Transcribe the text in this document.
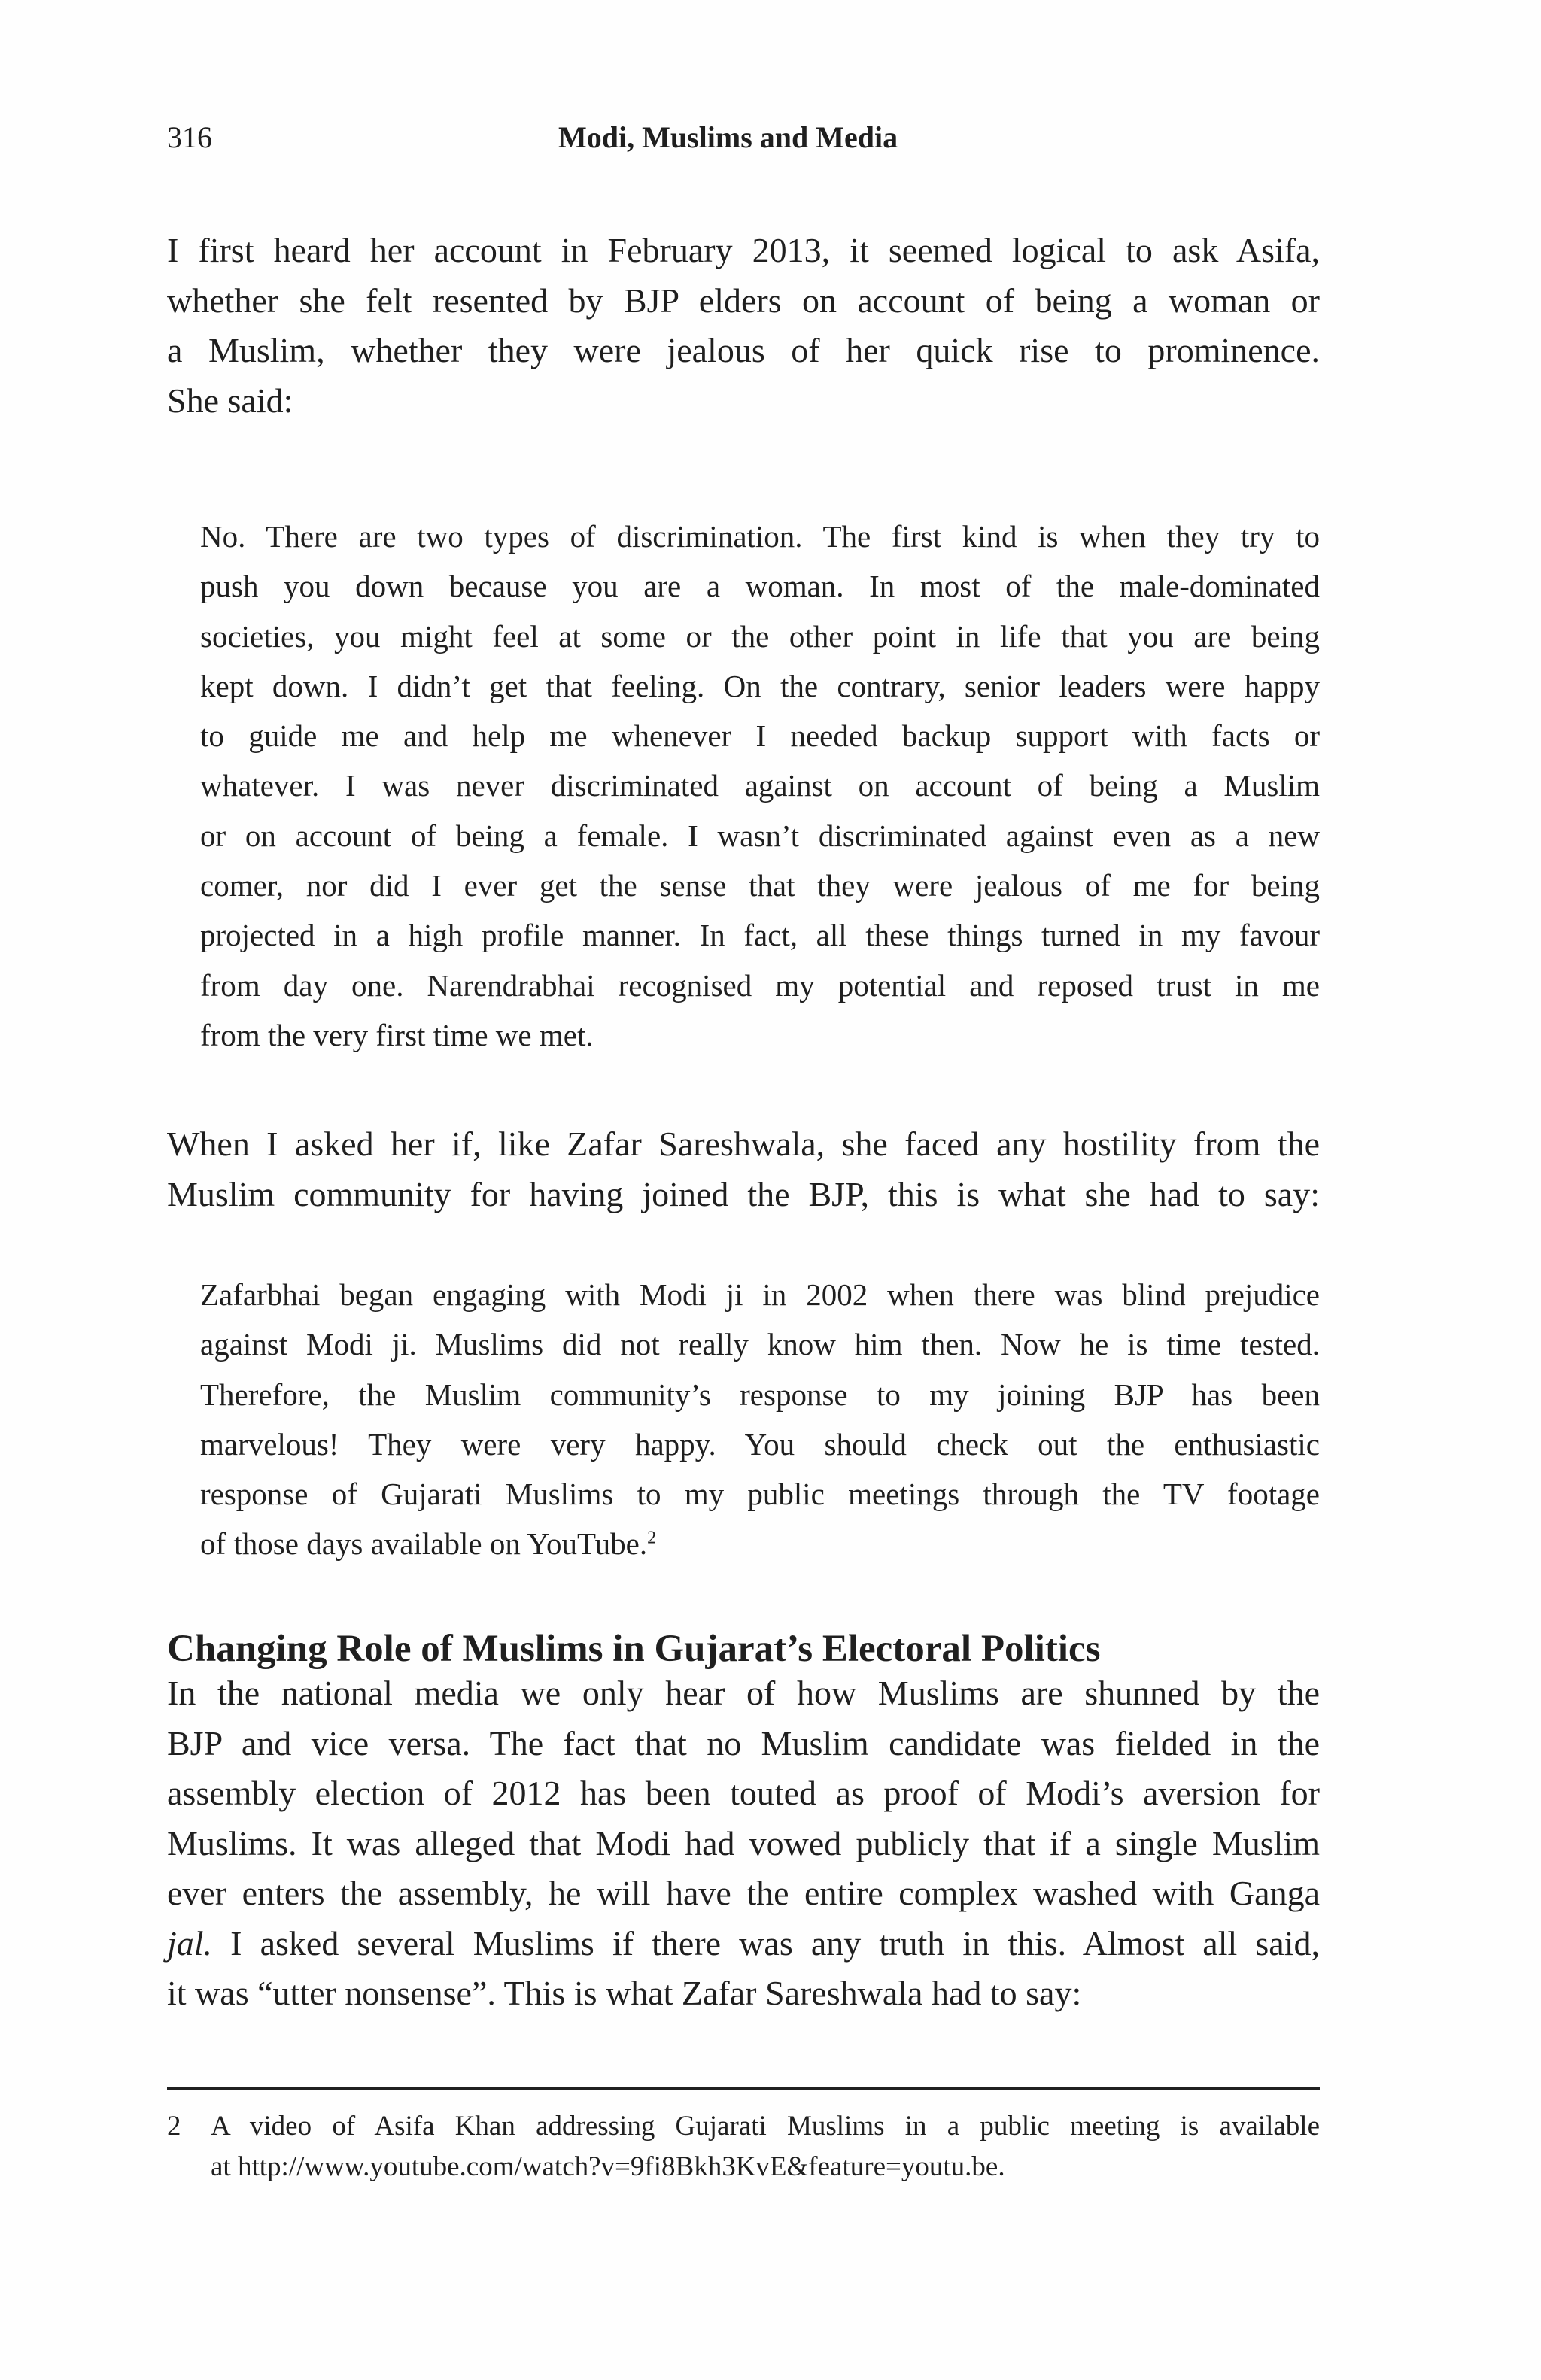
316	Modi, Muslims and Media

I first heard her account in February 2013, it seemed logical to ask Asifa,
whether she felt resented by BJP elders on account of being a woman or
a Muslim, whether they were jealous of her quick rise to prominence.
She said:

No. There are two types of discrimination. The first kind is when they try to
push you down because you are a woman. In most of the male-dominated
societies, you might feel at some or the other point in life that you are being
kept down. I didn’t get that feeling. On the contrary, senior leaders were happy
to guide me and help me whenever I needed backup support with facts or
whatever. I was never discriminated against on account of being a Muslim
or on account of being a female. I wasn’t discriminated against even as a new
comer, nor did I ever get the sense that they were jealous of me for being
projected in a high profile manner. In fact, all these things turned in my favour
from day one. Narendrabhai recognised my potential and reposed trust in me
from the very first time we met.

When I asked her if, like Zafar Sareshwala, she faced any hostility from the
Muslim community for having joined the BJP, this is what she had to say:

Zafarbhai began engaging with Modi ji in 2002 when there was blind prejudice
against Modi ji. Muslims did not really know him then. Now he is time tested.
Therefore, the Muslim community’s response to my joining BJP has been
marvelous! They were very happy. You should check out the enthusiastic
response of Gujarati Muslims to my public meetings through the TV footage
of those days available on YouTube.$^2$
Changing Role of Muslims in Gujarat’s Electoral Politics

In the national media we only hear of how Muslims are shunned by the
BJP and vice versa. The fact that no Muslim candidate was fielded in the
assembly election of 2012 has been touted as proof of Modi’s aversion for
Muslims. It was alleged that Modi had vowed publicly that if a single Muslim
ever enters the assembly, he will have the entire complex washed with Ganga
jal. I asked several Muslims if there was any truth in this. Almost all said,
it was “utter nonsense”. This is what Zafar Sareshwala had to say:

2 A video of Asifa Khan addressing Gujarati Muslims in a public meeting is available
at http://www.youtube.com/watch?v=9fi8Bkh3KvE&feature=youtu.be.
